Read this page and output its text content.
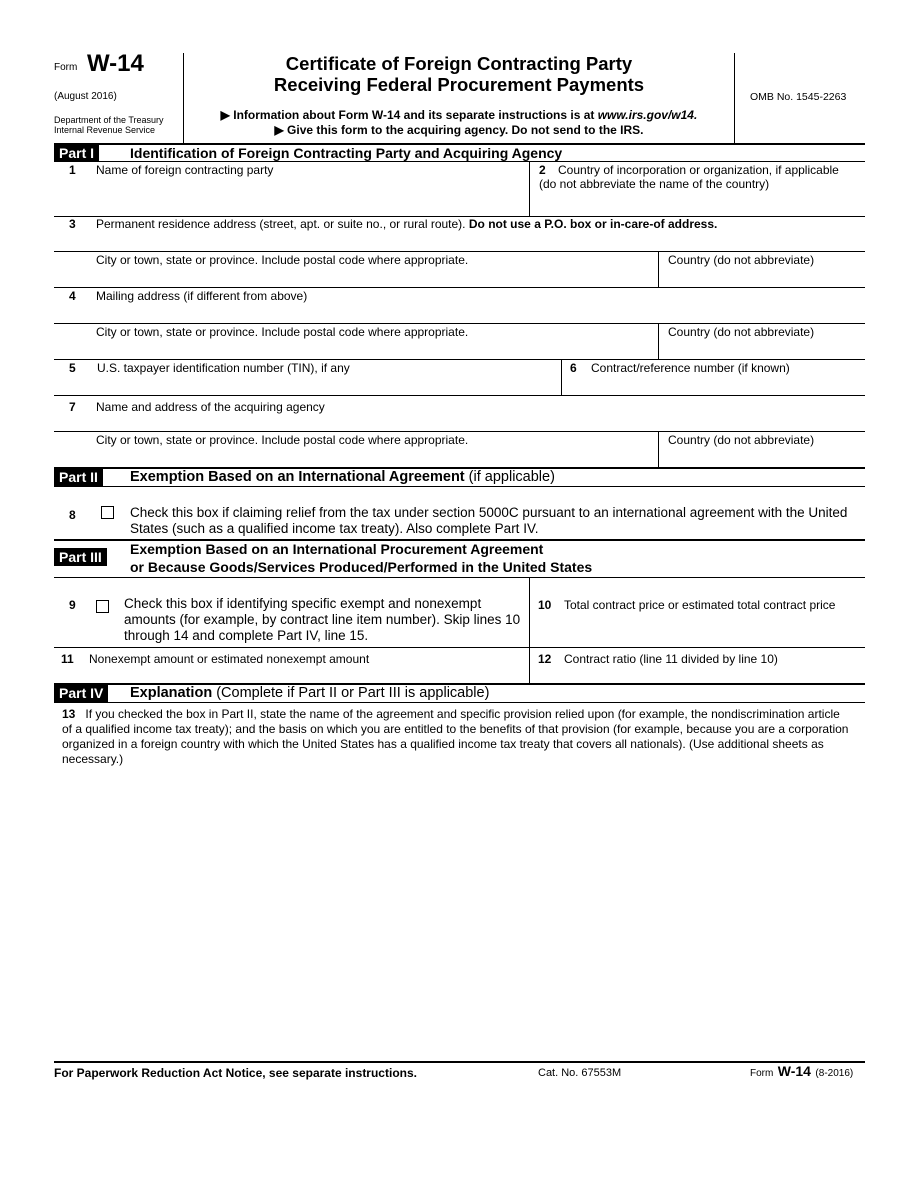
Form W-14
(August 2016)
Department of the Treasury
Internal Revenue Service
Certificate of Foreign Contracting Party
Receiving Federal Procurement Payments
▶ Information about Form W-14 and its separate instructions is at www.irs.gov/w14.
▶ Give this form to the acquiring agency. Do not send to the IRS.
OMB No. 1545-2263
Part I	Identification of Foreign Contracting Party and Acquiring Agency
1 Name of foreign contracting party	2 Country of incorporation or organization, if applicable
(do not abbreviate the name of the country)
3 Permanent residence address (street, apt. or suite no., or rural route). Do not use a P.O. box or in-care-of address.
City or town, state or province. Include postal code where appropriate.	Country (do not abbreviate)
4 Mailing address (if different from above)
City or town, state or province. Include postal code where appropriate.	Country (do not abbreviate)
5 U.S. taxpayer identification number (TIN), if any	6 Contract/reference number (if known)
7 Name and address of the acquiring agency
City or town, state or province. Include postal code where appropriate.	Country (do not abbreviate)
Part II	Exemption Based on an International Agreement (if applicable)
8	Check this box if claiming relief from the tax under section 5000C pursuant to an international agreement with the United
States (such as a qualified income tax treaty). Also complete Part IV.
Part III	Exemption Based on an International Procurement Agreement
or Because Goods/Services Produced/Performed in the United States
9	Check this box if identifying specific exempt and nonexempt
amounts (for example, by contract line item number). Skip lines 10
through 14 and complete Part IV, line 15.
10 Total contract price or estimated total contract price
11 Nonexempt amount or estimated nonexempt amount	12 Contract ratio (line 11 divided by line 10)
Part IV	Explanation (Complete if Part II or Part III is applicable)
13 If you checked the box in Part II, state the name of the agreement and specific provision relied upon (for example, the nondiscrimination article
of a qualified income tax treaty); and the basis on which you are entitled to the benefits of that provision (for example, because you are a corporation
organized in a foreign country with which the United States has a qualified income tax treaty that covers all nationals). (Use additional sheets as
necessary.)
For Paperwork Reduction Act Notice, see separate instructions.	Cat. No. 67553M	Form W-14 (8-2016)
